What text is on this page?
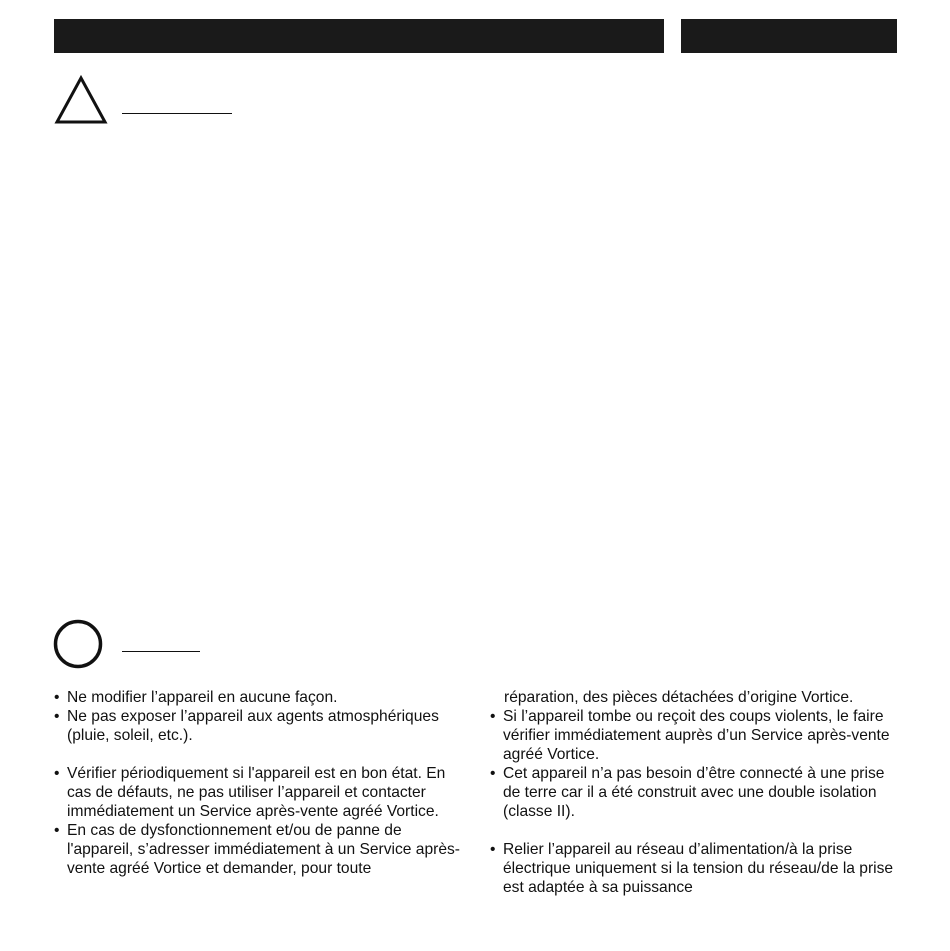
• Ne modifier l’appareil en aucune façon.

• Ne pas exposer l’appareil aux agents atmosphériques (pluie, soleil, etc.).

• Vérifier périodiquement si l'appareil est en bon état. En cas de défauts, ne pas utiliser l’appareil et contacter immédiatement un Service après-vente agréé Vortice.

• En cas de dysfonctionnement et/ou de panne de l'appareil, s’adresser immédiatement à un Service après-vente agréé Vortice et demander, pour toute

réparation, des pièces détachées d’origine Vortice.

• Si l’appareil tombe ou reçoit des coups violents, le faire vérifier immédiatement auprès d’un Service après-vente agréé Vortice.

• Cet appareil n’a pas besoin d’être connecté à une prise de terre car il a été construit avec une double isolation (classe II).

• Relier l’appareil au réseau d’alimentation/à la prise électrique uniquement si la tension du réseau/de la prise est adaptée à sa puissance
